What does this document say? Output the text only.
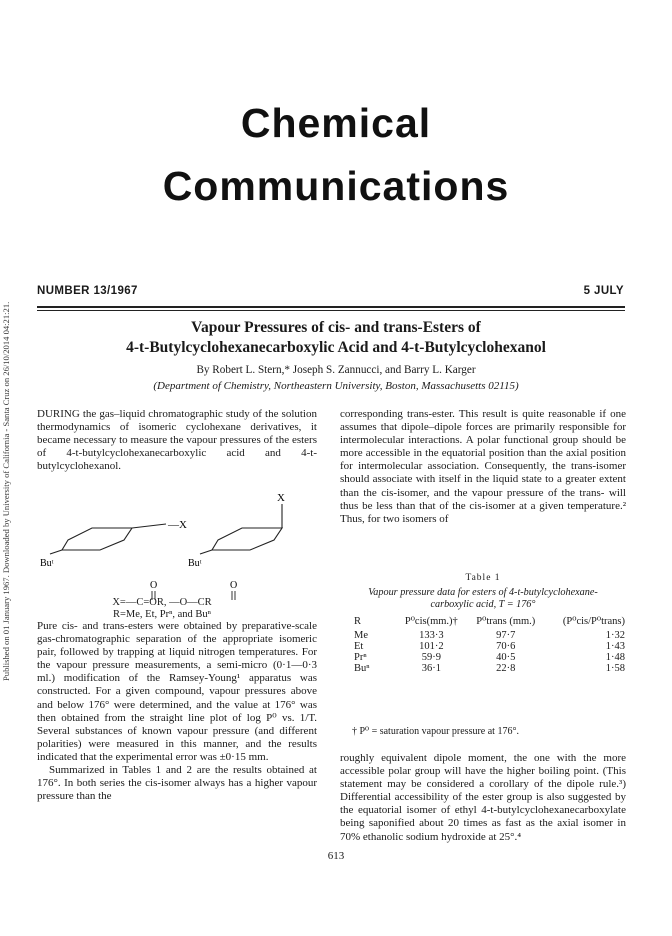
Published on 01 January 1967. Downloaded by University of California - Santa Cruz on 26/10/2014 04:21:21.
Chemical
Communications
NUMBER 13/1967	5 JULY
Vapour Pressures of cis- and trans-Esters of
4-t-Butylcyclohexanecarboxylic Acid and 4-t-Butylcyclohexanol
By Robert L. Stern,* Joseph S. Zannucci, and Barry L. Karger
(Department of Chemistry, Northeastern University, Boston, Massachusetts 02115)

DURING the gas–liquid chromatographic study of the solution thermodynamics of isomeric cyclohexane derivatives, it became necessary to measure the vapour pressures of the esters of 4-t-butylcyclohexanecarboxylic acid and 4-t-butylcyclohexanol.

—X
X
Buᵗ	Buᵗ
O	O
X=—C=OR, —O—CR
R=Me, Et, Prⁿ, and Buⁿ

Pure cis- and trans-esters were obtained by preparative-scale gas-chromatographic separation of the appropriate isomeric pair, followed by trapping at liquid nitrogen temperatures. For the vapour pressure measurements, a semi-micro (0·1—0·3 ml.) modification of the Ramsey-Young¹ apparatus was constructed. For a given compound, vapour pressures above and below 176° were determined, and the value at 176° was then obtained from the straight line plot of log P⁰ vs. 1/T. Several substances of known vapour pressure (and different polarities) were measured in this manner, and the results indicated that the experimental error was ±0·15 mm.

Summarized in Tables 1 and 2 are the results obtained at 176°. In both series the cis-isomer always has a higher vapour pressure than the

corresponding trans-ester. This result is quite reasonable if one assumes that dipole–dipole forces are primarily responsible for intermolecular interactions. A polar functional group should be more accessible in the equatorial position than the axial position for intermolecular association. Consequently, the trans-isomer should associate with itself in the liquid state to a greater extent than the cis-isomer, and the vapour pressure of the trans- will thus be less than that of the cis-isomer at a given temperature.² Thus, for two isomers of

Table 1
Vapour pressure data for esters of 4-t-butylcyclohexane-
carboxylic acid, T = 176°
R	P⁰cis(mm.)†	P⁰trans (mm.)	(P⁰cis/P⁰trans)
Me	133·3	97·7	1·32
Et	101·2	70·6	1·43
Prⁿ	59·9	40·5	1·48
Buⁿ	36·1	22·8	1·58
† P⁰ = saturation vapour pressure at 176°.

roughly equivalent dipole moment, the one with the more accessible polar group will have the higher boiling point. (This statement may be considered a corollary of the dipole rule.³) Differential accessibility of the ester group is also suggested by the equatorial isomer of ethyl 4-t-butylcyclohexanecarboxylate being saponified about 20 times as fast as the axial isomer in 70% ethanolic sodium hydroxide at 25°.⁴

613
